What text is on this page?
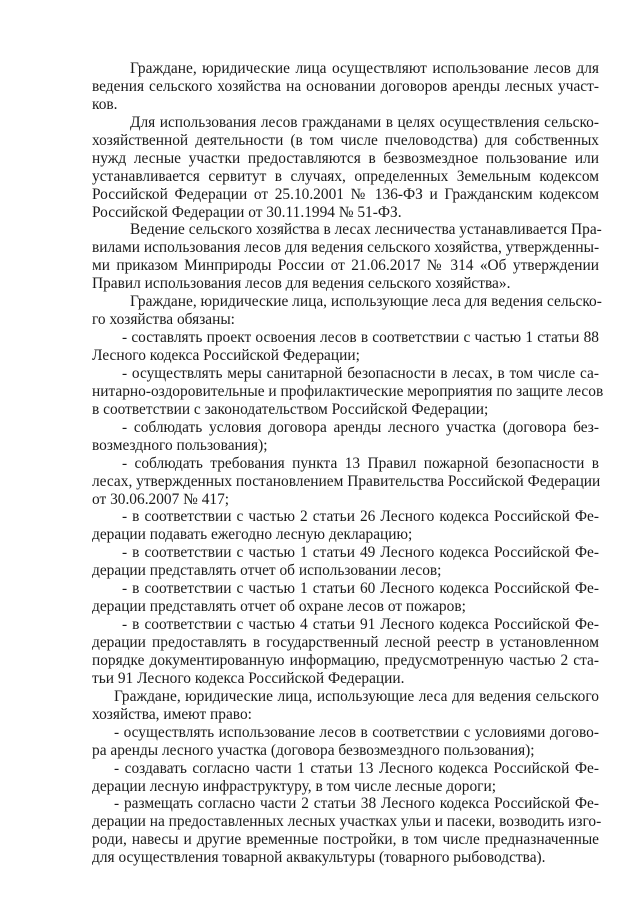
Граждане, юридические лица осуществляют использование лесов для
ведения сельского хозяйства на основании договоров аренды лесных участ-
ков.
Для использования лесов гражданами в целях осуществления сельско-
хозяйственной деятельности (в том числе пчеловодства) для собственных
нужд лесные участки предоставляются в безвозмездное пользование или
устанавливается сервитут в случаях, определенных Земельным кодексом
Российской Федерации от 25.10.2001 № 136-ФЗ и Гражданским кодексом
Российской Федерации от 30.11.1994 № 51-ФЗ.
Ведение сельского хозяйства в лесах лесничества устанавливается Пра-
вилами использования лесов для ведения сельского хозяйства, утвержденны-
ми приказом Минприроды России от 21.06.2017 № 314 «Об утверждении
Правил использования лесов для ведения сельского хозяйства».
Граждане, юридические лица, использующие леса для ведения сельско-
го хозяйства обязаны:
- составлять проект освоения лесов в соответствии с частью 1 статьи 88
Лесного кодекса Российской Федерации;
- осуществлять меры санитарной безопасности в лесах, в том числе са-
нитарно-оздоровительные и профилактические мероприятия по защите лесов
в соответствии с законодательством Российской Федерации;
- соблюдать условия договора аренды лесного участка (договора без-
возмездного пользования);
- соблюдать требования пункта 13 Правил пожарной безопасности в
лесах, утвержденных постановлением Правительства Российской Федерации
от 30.06.2007 № 417;
- в соответствии с частью 2 статьи 26 Лесного кодекса Российской Фе-
дерации подавать ежегодно лесную декларацию;
- в соответствии с частью 1 статьи 49 Лесного кодекса Российской Фе-
дерации представлять отчет об использовании лесов;
- в соответствии с частью 1 статьи 60 Лесного кодекса Российской Фе-
дерации представлять отчет об охране лесов от пожаров;
- в соответствии с частью 4 статьи 91 Лесного кодекса Российской Фе-
дерации предоставлять в государственный лесной реестр в установленном
порядке документированную информацию, предусмотренную частью 2 ста-
тьи 91 Лесного кодекса Российской Федерации.
Граждане, юридические лица, использующие леса для ведения сельского
хозяйства, имеют право:
- осуществлять использование лесов в соответствии с условиями догово-
ра аренды лесного участка (договора безвозмездного пользования);
- создавать согласно части 1 статьи 13 Лесного кодекса Российской Фе-
дерации лесную инфраструктуру, в том числе лесные дороги;
- размещать согласно части 2 статьи 38 Лесного кодекса Российской Фе-
дерации на предоставленных лесных участках ульи и пасеки, возводить изго-
роди, навесы и другие временные постройки, в том числе предназначенные
для осуществления товарной аквакультуры (товарного рыбоводства).
